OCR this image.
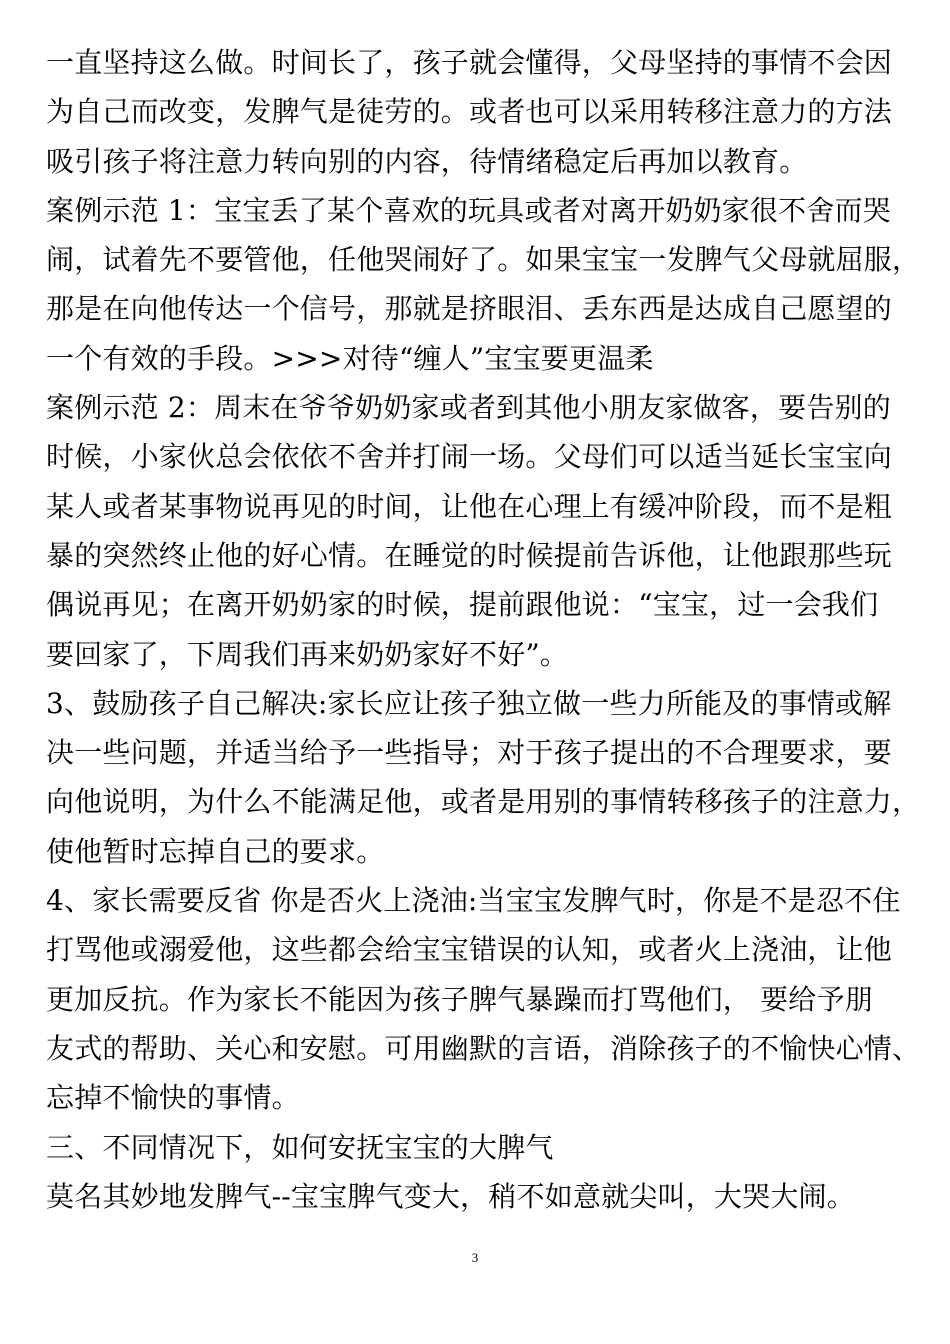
一直坚持这么做。时间长了，孩子就会懂得，父母坚持的事情不会因
为自己而改变，发脾气是徒劳的。或者也可以采用转移注意力的方法
吸引孩子将注意力转向别的内容，待情绪稳定后再加以教育。
案例示范 1：宝宝丢了某个喜欢的玩具或者对离开奶奶家很不舍而哭
闹，试着先不要管他，任他哭闹好了。如果宝宝一发脾气父母就屈服，
那是在向他传达一个信号，那就是挤眼泪、丢东西是达成自己愿望的
一个有效的手段。>>>对待“缠人”宝宝要更温柔
案例示范 2：周末在爷爷奶奶家或者到其他小朋友家做客，要告别的
时候，小家伙总会依依不舍并打闹一场。父母们可以适当延长宝宝向
某人或者某事物说再见的时间，让他在心理上有缓冲阶段，而不是粗
暴的突然终止他的好心情。在睡觉的时候提前告诉他，让他跟那些玩
偶说再见；在离开奶奶家的时候，提前跟他说：“宝宝，过一会我们
要回家了，下周我们再来奶奶家好不好”。
3、鼓励孩子自己解决:家长应让孩子独立做一些力所能及的事情或解
决一些问题，并适当给予一些指导；对于孩子提出的不合理要求，要
向他说明，为什么不能满足他，或者是用别的事情转移孩子的注意力，
使他暂时忘掉自己的要求。
4、家长需要反省 你是否火上浇油:当宝宝发脾气时，你是不是忍不住
打骂他或溺爱他，这些都会给宝宝错误的认知，或者火上浇油，让他
更加反抗。作为家长不能因为孩子脾气暴躁而打骂他们， 要给予朋
友式的帮助、关心和安慰。可用幽默的言语，消除孩子的不愉快心情、
忘掉不愉快的事情。
三、不同情况下，如何安抚宝宝的大脾气
莫名其妙地发脾气--宝宝脾气变大，稍不如意就尖叫，大哭大闹。
3
